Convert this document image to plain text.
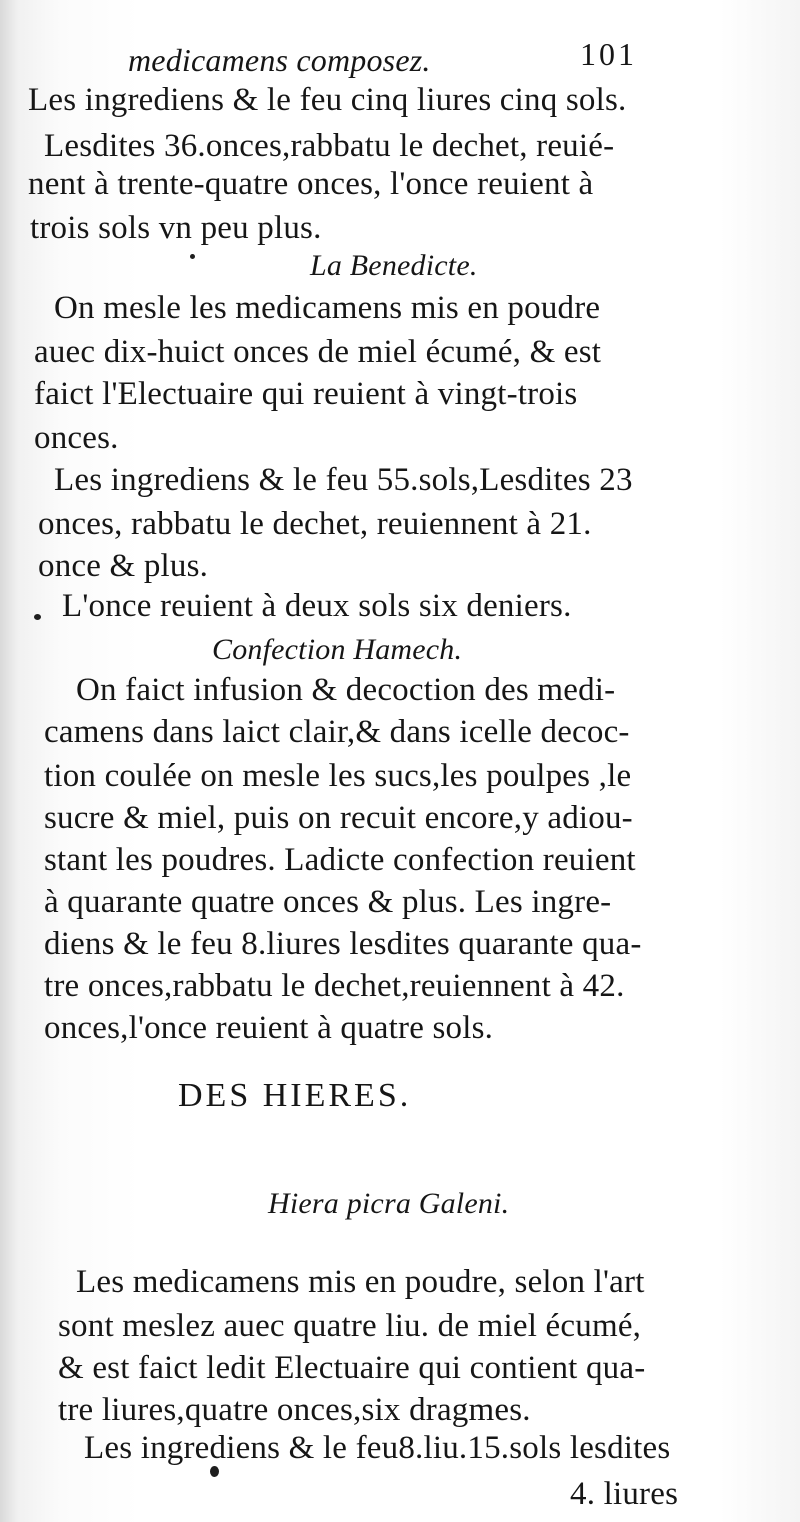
medicamens composez.	101
Les ingrediens & le feu cinq liures cinq sols.
Lesdites 36.onces,rabbatu le dechet, reuié-
nent à trente-quatre onces, l'once reuient à
trois sols vn peu plus.
La Benedicte.
On mesle les medicamens mis en poudre
auec dix-huict onces de miel écumé, & est
faict l'Electuaire qui reuient à vingt-trois
onces.
Les ingrediens & le feu 55.sols,Lesdites 23
onces, rabbatu le dechet, reuiennent à 21.
once & plus.
L'once reuient à deux sols six deniers.
Confection Hamech.
On faict infusion & decoction des medi-
camens dans laict clair,& dans icelle decoc-
tion coulée on mesle les sucs,les poulpes ,le
sucre & miel, puis on recuit encore,y adiou-
stant les poudres. Ladicte confection reuient
à quarante quatre onces & plus. Les ingre-
diens & le feu 8.liures lesdites quarante qua-
tre onces,rabbatu le dechet,reuiennent à 42.
onces,l'once reuient à quatre sols.
DES HIERES.
Hiera picra Galeni.
Les medicamens mis en poudre, selon l'art
sont meslez auec quatre liu. de miel écumé,
& est faict ledit Electuaire qui contient qua-
tre liures,quatre onces,six dragmes.
Les ingrediens & le feu8.liu.15.sols lesdites
4. liures
